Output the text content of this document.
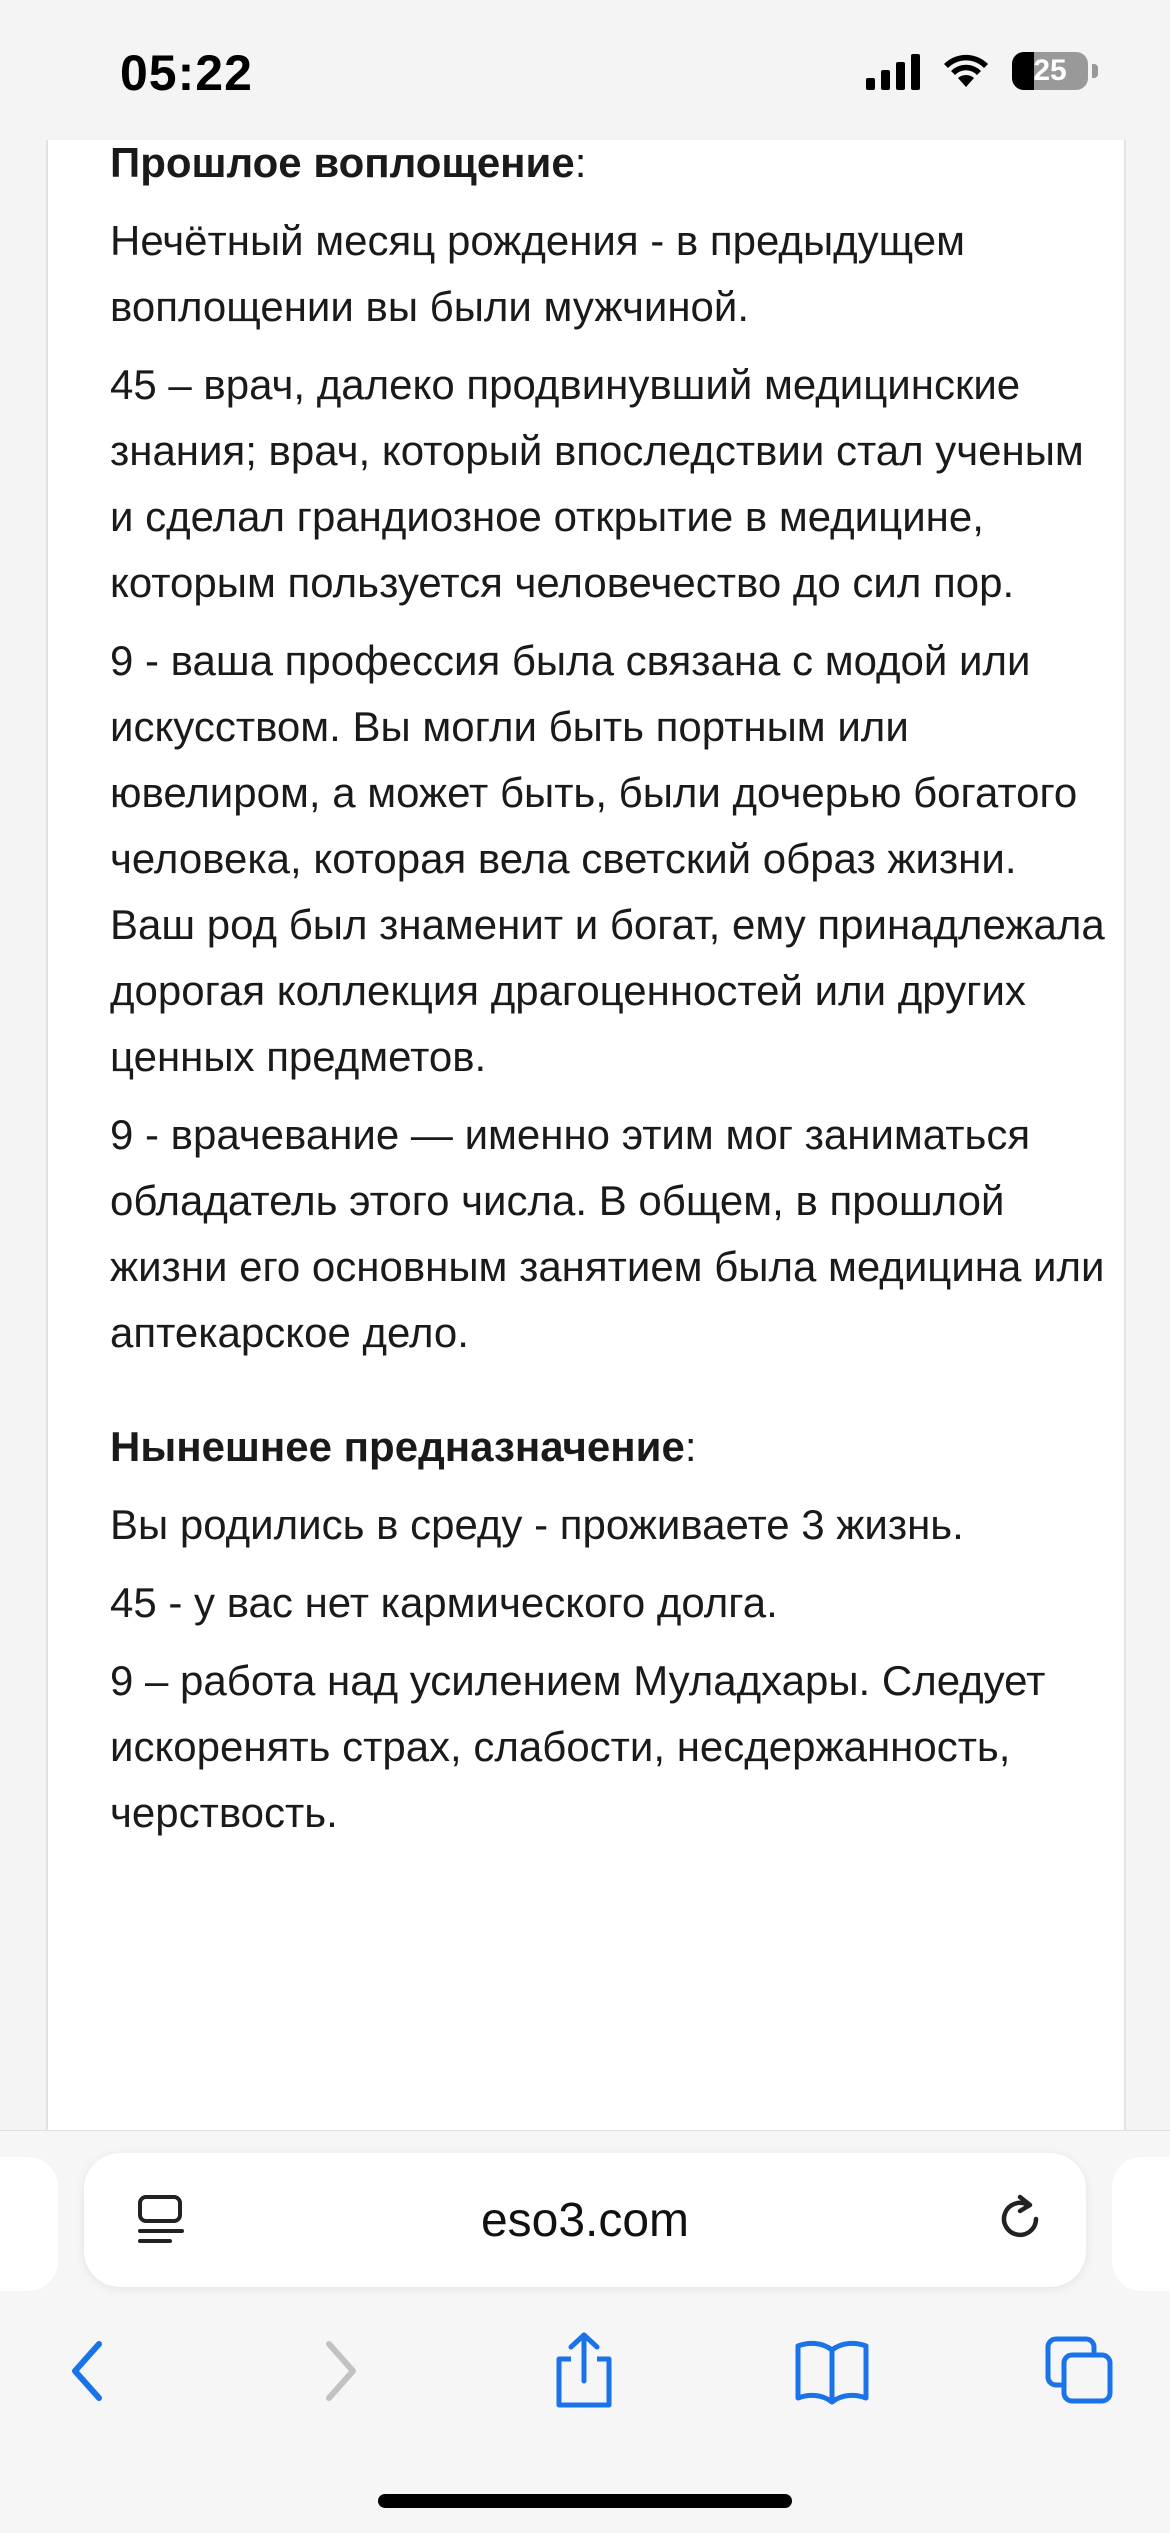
05:22	25
Прошлое воплощение:

Нечётный месяц рождения - в предыдущем воплощении вы были мужчиной.

45 – врач, далеко продвинувший медицинские знания; врач, который впоследствии стал ученым и сделал грандиозное открытие в медицине, которым пользуется человечество до сил пор.

9 - ваша профессия была связана с модой или искусством. Вы могли быть портным или ювелиром, а может быть, были дочерью богатого человека, которая вела светский образ жизни. Ваш род был знаменит и богат, ему принадлежала дорогая коллекция драгоценностей или других ценных предметов.

9 - врачевание — именно этим мог заниматься обладатель этого числа. В общем, в прошлой жизни его основным занятием была медицина или аптекарское дело.

Нынешнее предназначение:

Вы родились в среду - проживаете 3 жизнь.

45 - у вас нет кармического долга.

9 – работа над усилением Муладхары. Следует искоренять страх, слабости, несдержанность, черствость.

eso3.com
